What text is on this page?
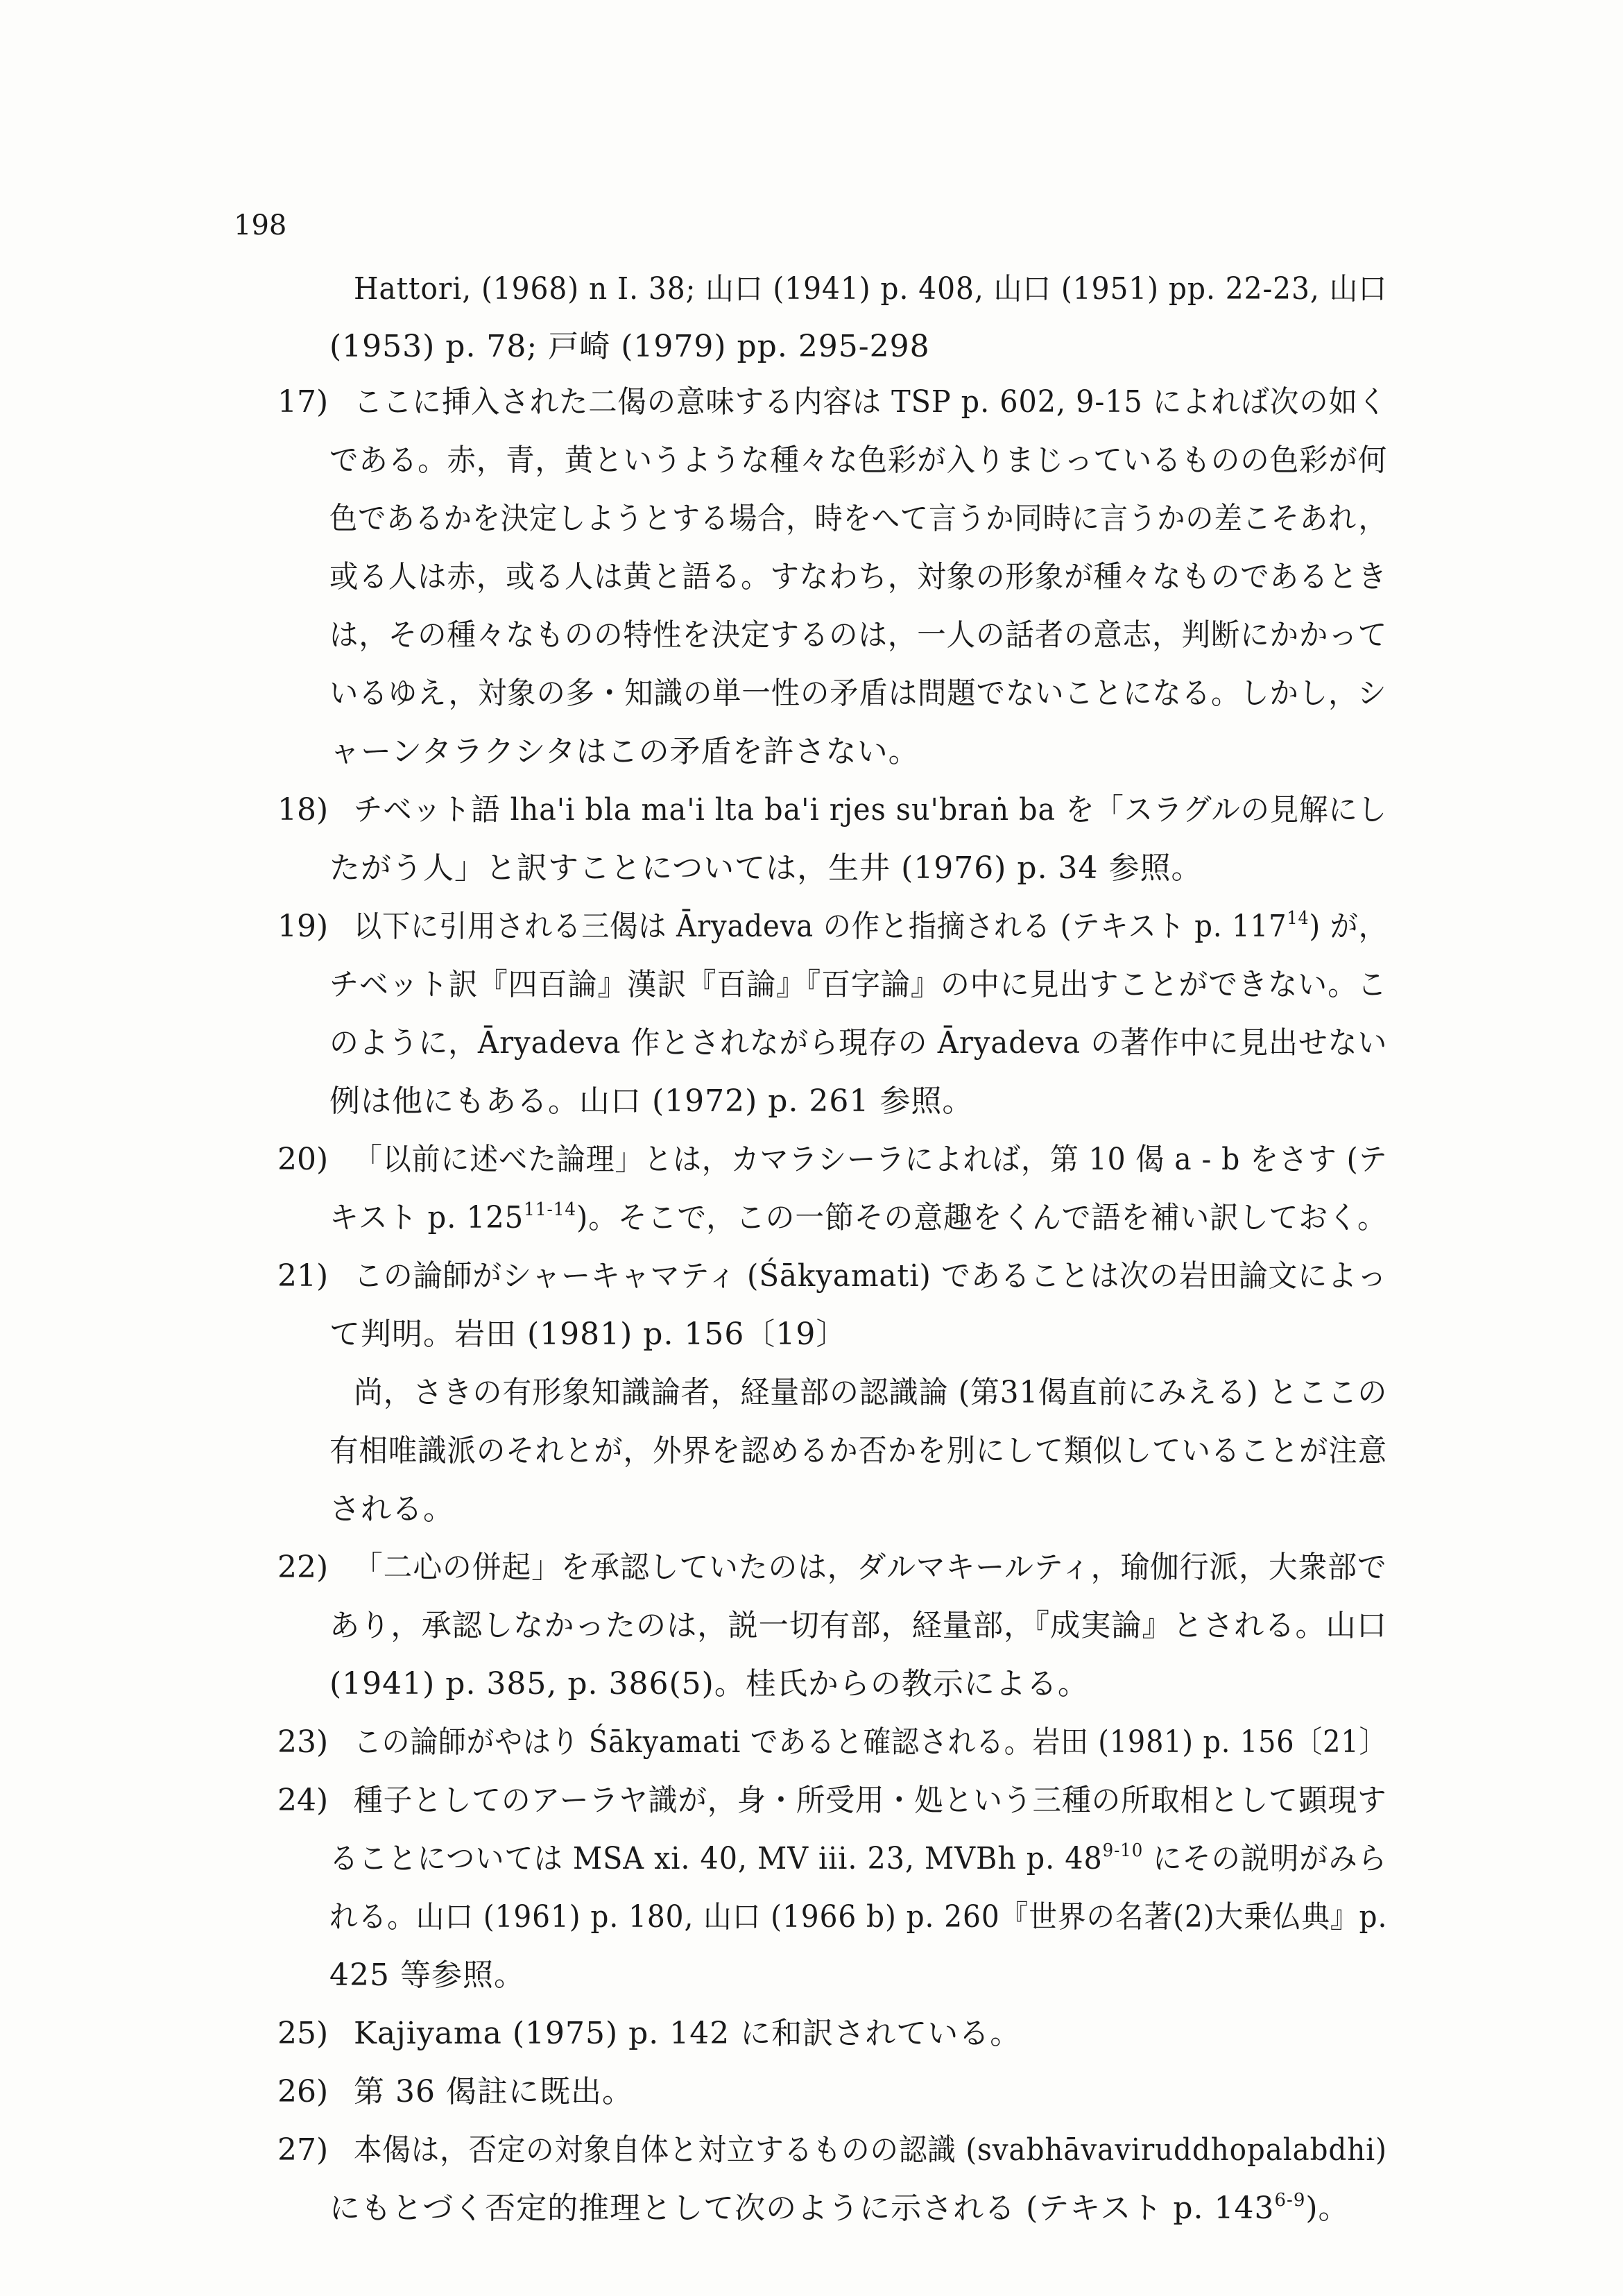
198
Hattori, (1968) n I. 38; 山口 (1941) p. 408, 山口 (1951) pp. 22-23, 山口
(1953) p. 78; 戸崎 (1979) pp. 295-298
17) ここに挿入された二偈の意味する内容は TSP p. 602, 9-15 によれば次の如く
である。赤，青，黄というような種々な色彩が入りまじっているものの色彩が何
色であるかを決定しようとする場合，時をへて言うか同時に言うかの差こそあれ，
或る人は赤，或る人は黄と語る。すなわち，対象の形象が種々なものであるとき
は，その種々なものの特性を決定するのは，一人の話者の意志，判断にかかって
いるゆえ，対象の多・知識の単一性の矛盾は問題でないことになる。しかし，シ
ャーンタラクシタはこの矛盾を許さない。
18) チベット語 lha'i bla ma'i lta ba'i rjes su'braṅ ba を「スラグルの見解にし
たがう人」と訳すことについては，生井 (1976) p. 34 参照。
19) 以下に引用される三偈は Āryadeva の作と指摘される (テキスト p. $117^{14}$) が，
チベット訳『四百論』漢訳『百論』『百字論』の中に見出すことができない。こ
のように，Āryadeva 作とされながら現存の Āryadeva の著作中に見出せない
例は他にもある。山口 (1972) p. 261 参照。
20) 「以前に述べた論理」とは，カマラシーラによれば，第 10 偈 a - b をさす (テ
キスト p. 125$^{11-14}$)。そこで，この一節その意趣をくんで語を補い訳しておく。
21) この論師がシャーキャマティ (Śākyamati) であることは次の岩田論文によっ
て判明。岩田 (1981) p. 156〔19〕
尚，さきの有形象知識論者，経量部の認識論 (第31偈直前にみえる) とここの
有相唯識派のそれとが，外界を認めるか否かを別にして類似していることが注意
される。
22) 「二心の併起」を承認していたのは，ダルマキールティ，瑜伽行派，大衆部で
あり，承認しなかったのは，説一切有部，経量部，『成実論』とされる。山口
(1941) p. 385, p. 386(5)。桂氏からの教示による。
23) この論師がやはり Śākyamati であると確認される。岩田 (1981) p. 156〔21〕
24) 種子としてのアーラヤ識が，身・所受用・処という三種の所取相として顕現す
ることについては MSA xi. 40, MV iii. 23, MVBh p. 48$^{9-10}$ にその説明がみら
れる。山口 (1961) p. 180, 山口 (1966 b) p. 260『世界の名著(2)大乗仏典』p.
425 等参照。
25) Kajiyama (1975) p. 142 に和訳されている。
26) 第 36 偈註に既出。
27) 本偈は，否定の対象自体と対立するものの認識 (svabhāvaviruddhopalabdhi)
にもとづく否定的推理として次のように示される (テキスト p. 143$^{6-9}$)。
